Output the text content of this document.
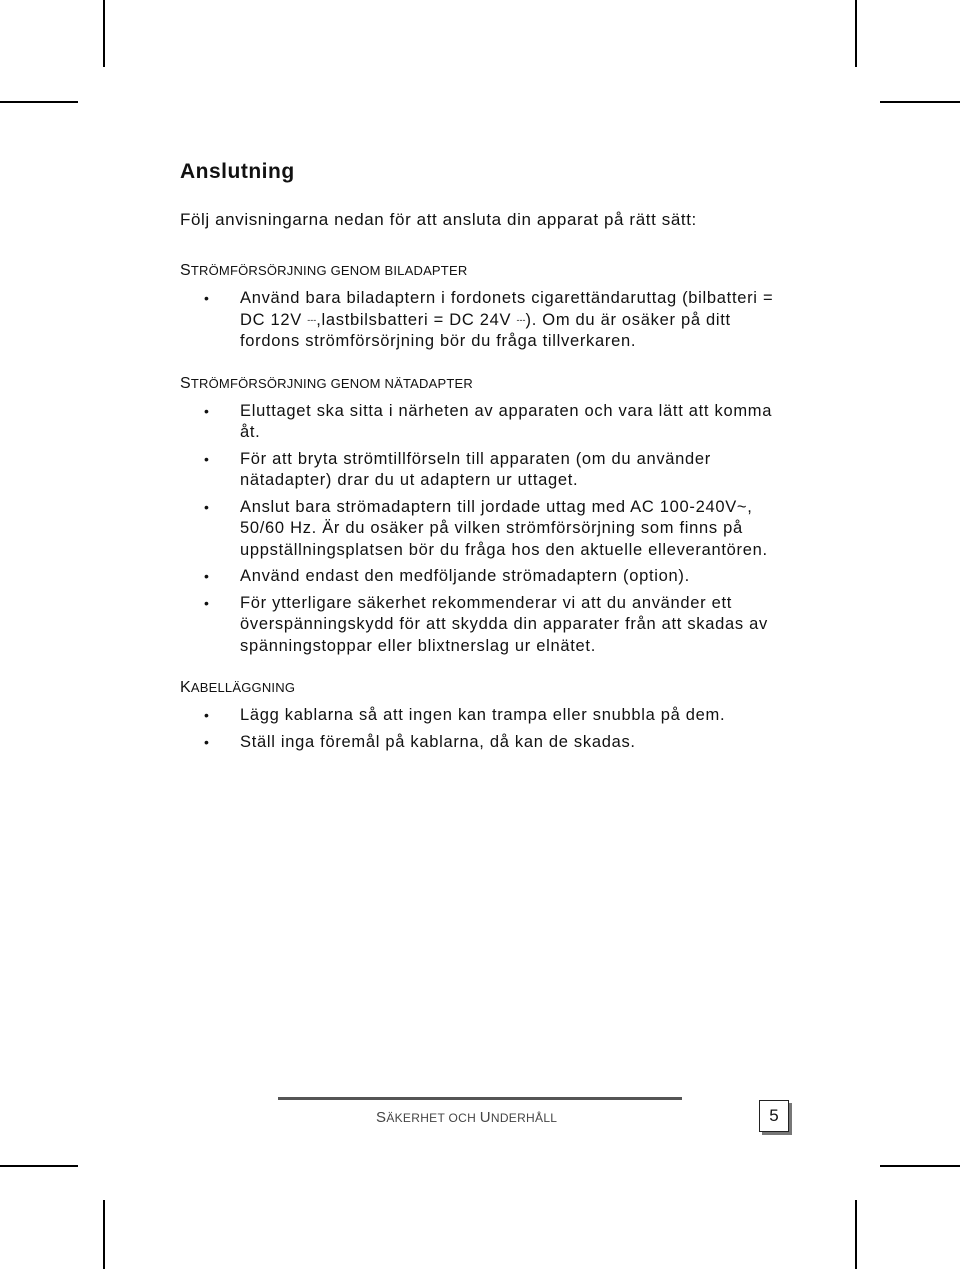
Anslutning

Följ anvisningarna nedan för att ansluta din apparat på rätt sätt:

STRÖMFÖRSÖRJNING GENOM BILADAPTER
• Använd bara biladaptern i fordonets cigarettändaruttag (bilbatteri = DC 12V ---,lastbilsbatteri = DC 24V ---). Om du är osäker på ditt fordons strömförsörjning bör du fråga tillverkaren.
STRÖMFÖRSÖRJNING GENOM NÄTADAPTER
• Eluttaget ska sitta i närheten av apparaten och vara lätt att komma åt.
• För att bryta strömtillförseln till apparaten (om du använder nätadapter) drar du ut adaptern ur uttaget.
• Anslut bara strömadaptern till jordade uttag med AC 100-240V~, 50/60 Hz. Är du osäker på vilken strömförsörjning som finns på uppställningsplatsen bör du fråga hos den aktuelle elleverantören.
• Använd endast den medföljande strömadaptern (option).
• För ytterligare säkerhet rekommenderar vi att du använder ett överspänningskydd för att skydda din apparater från att skadas av spänningstoppar eller blixtnerslag ur elnätet.
KABELLÄGGNING
• Lägg kablarna så att ingen kan trampa eller snubbla på dem.
• Ställ inga föremål på kablarna, då kan de skadas.
SÄKERHET OCH UNDERHÅLL	5
